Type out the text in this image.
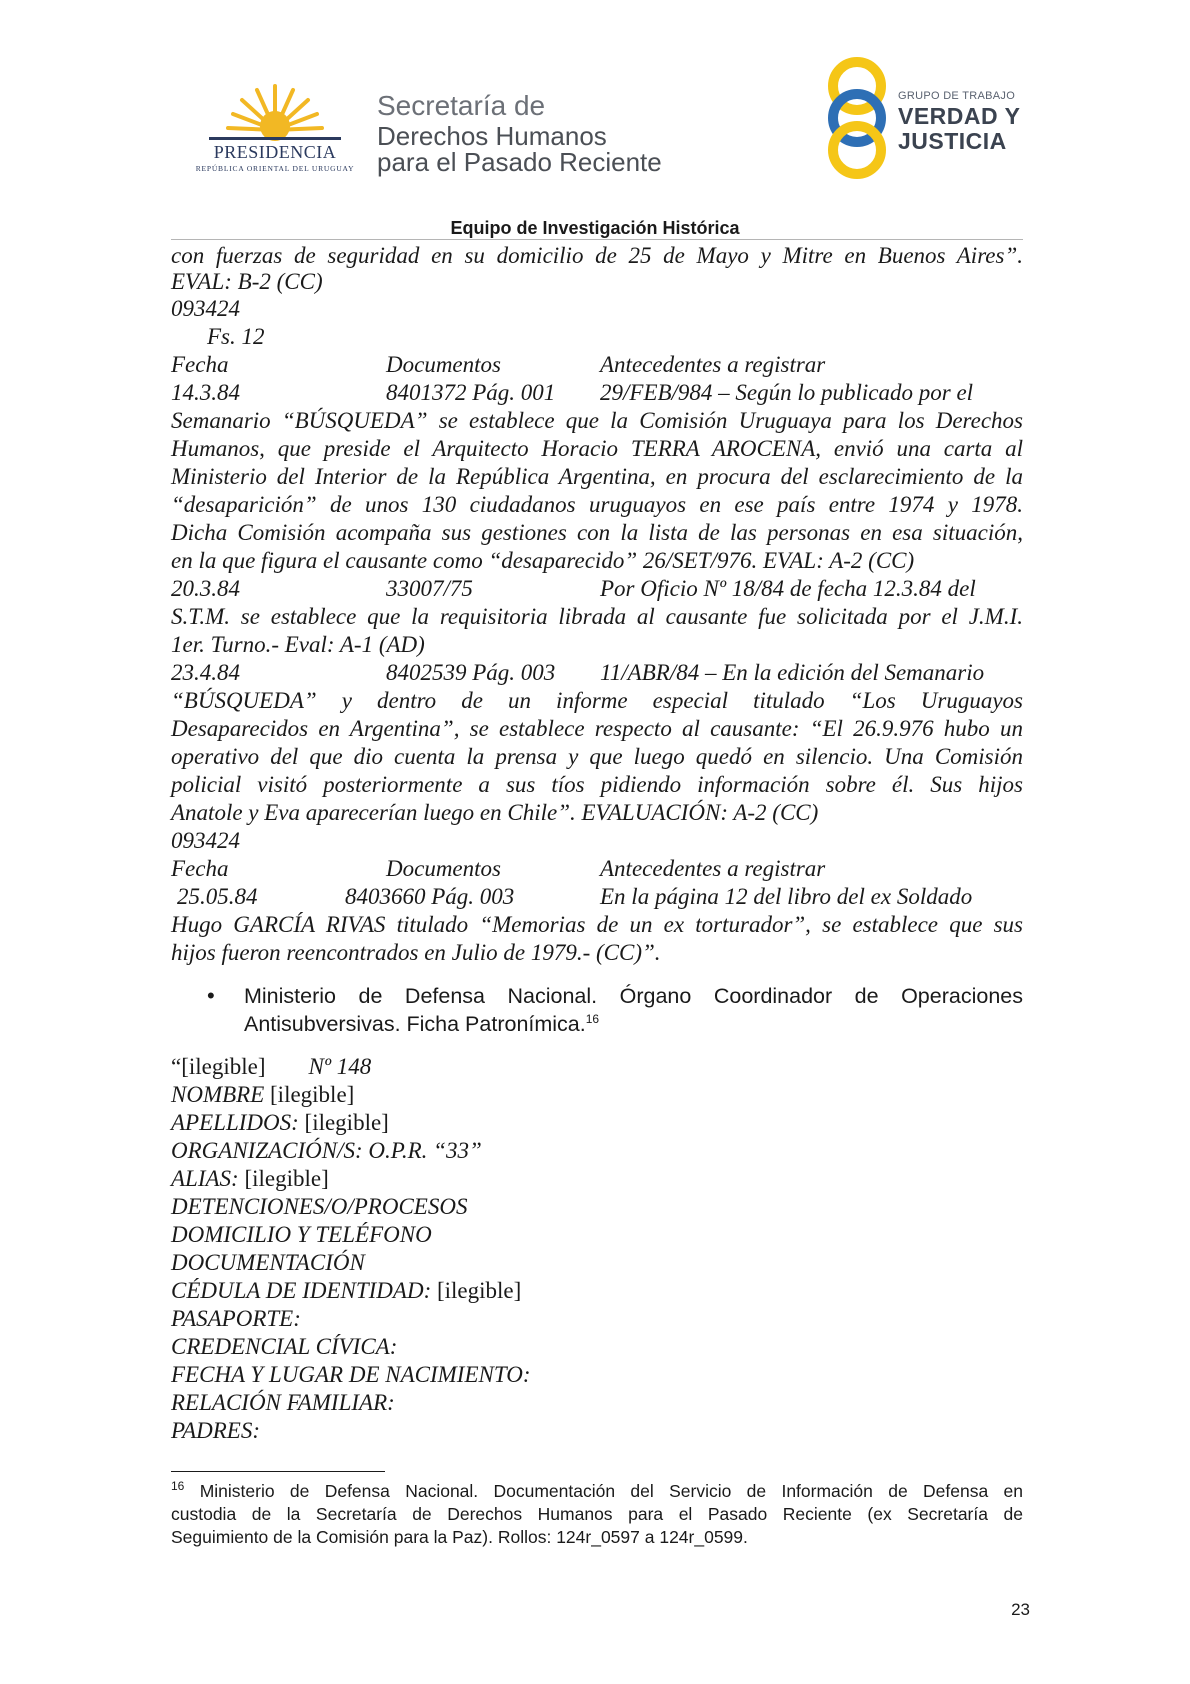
PRESIDENCIA
REPÚBLICA ORIENTAL DEL URUGUAY
Secretaría de
Derechos Humanos
para el Pasado Reciente
GRUPO DE TRABAJO
VERDAD Y
JUSTICIA
Equipo de Investigación Histórica
con fuerzas de seguridad en su domicilio de 25 de Mayo y Mitre en Buenos Aires”.
EVAL: B-2 (CC)
093424
Fs. 12
Fecha	Documentos	Antecedentes a registrar
14.3.84	8401372 Pág. 001 29/FEB/984 – Según lo publicado por el
Semanario “BÚSQUEDA” se establece que la Comisión Uruguaya para los Derechos
Humanos, que preside el Arquitecto Horacio TERRA AROCENA, envió una carta al
Ministerio del Interior de la República Argentina, en procura del esclarecimiento de la
“desaparición” de unos 130 ciudadanos uruguayos en ese país entre 1974 y 1978.
Dicha Comisión acompaña sus gestiones con la lista de las personas en esa situación,
en la que figura el causante como “desaparecido” 26/SET/976. EVAL: A-2 (CC)
20.3.84	33007/75	Por Oficio Nº 18/84 de fecha 12.3.84 del
S.T.M. se establece que la requisitoria librada al causante fue solicitada por el J.M.I.
1er. Turno.- Eval: A-1 (AD)
23.4.84	8402539 Pág. 003 11/ABR/84 – En la edición del Semanario
“BÚSQUEDA” y dentro de un informe especial titulado “Los Uruguayos
Desaparecidos en Argentina”, se establece respecto al causante: “El 26.9.976 hubo un
operativo del que dio cuenta la prensa y que luego quedó en silencio. Una Comisión
policial visitó posteriormente a sus tíos pidiendo información sobre él. Sus hijos
Anatole y Eva aparecerían luego en Chile”. EVALUACIÓN: A-2 (CC)
093424
Fecha	Documentos	Antecedentes a registrar
25.05.84	8403660 Pág. 003	En la página 12 del libro del ex Soldado
Hugo GARCÍA RIVAS titulado “Memorias de un ex torturador”, se establece que sus
hijos fueron reencontrados en Julio de 1979.- (CC)”.
• Ministerio de Defensa Nacional. Órgano Coordinador de Operaciones
Antisubversivas. Ficha Patronímica.$^{16}$
“[ilegible] Nº 148
NOMBRE [ilegible]
APELLIDOS: [ilegible]
ORGANIZACIÓN/S: O.P.R. “33”
ALIAS: [ilegible]
DETENCIONES/O/PROCESOS
DOMICILIO Y TELÉFONO
DOCUMENTACIÓN
CÉDULA DE IDENTIDAD: [ilegible]
PASAPORTE:
CREDENCIAL CÍVICA:
FECHA Y LUGAR DE NACIMIENTO:
RELACIÓN FAMILIAR:
PADRES:
$^{16}$ Ministerio de Defensa Nacional. Documentación del Servicio de Información de Defensa en
custodia de la Secretaría de Derechos Humanos para el Pasado Reciente (ex Secretaría de
Seguimiento de la Comisión para la Paz). Rollos: 124r_0597 a 124r_0599.
23
